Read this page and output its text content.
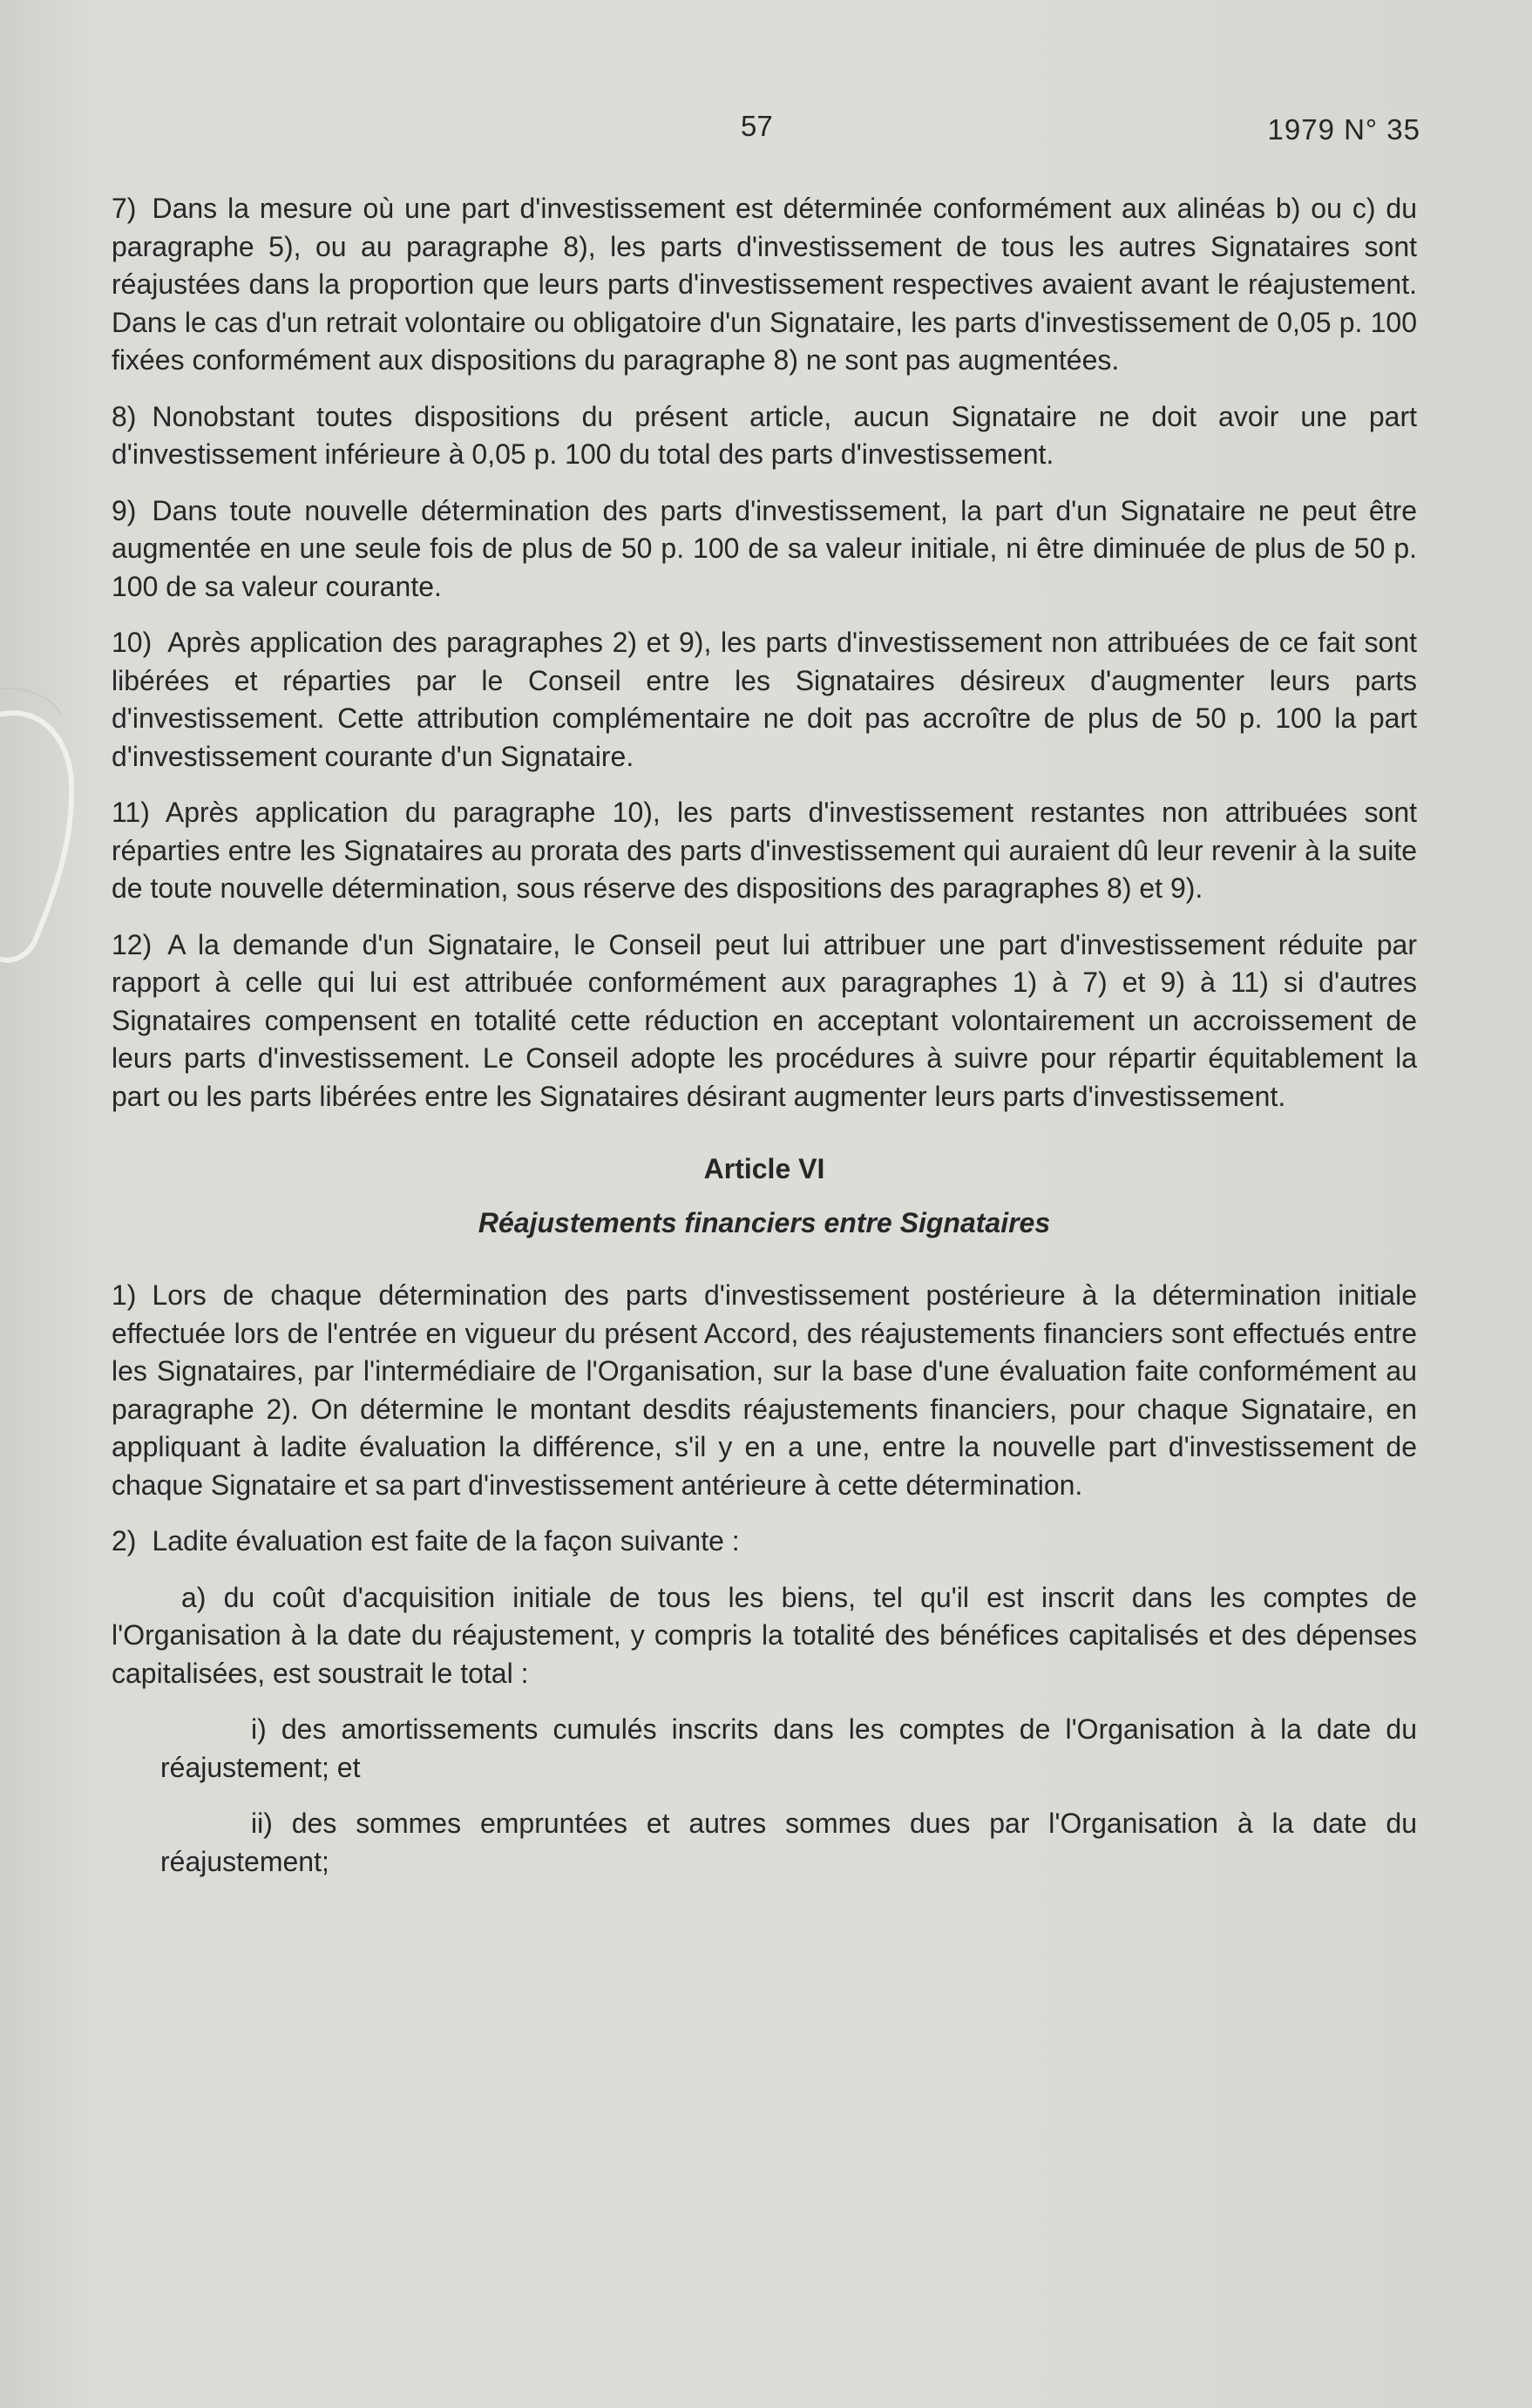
57	1979 N° 35

7) Dans la mesure où une part d'investissement est déterminée conformément aux alinéas b) ou c) du paragraphe 5), ou au paragraphe 8), les parts d'investissement de tous les autres Signataires sont réajustées dans la proportion que leurs parts d'investissement respectives avaient avant le réajustement. Dans le cas d'un retrait volontaire ou obligatoire d'un Signataire, les parts d'investissement de 0,05 p. 100 fixées conformément aux dispositions du paragraphe 8) ne sont pas augmentées.

8) Nonobstant toutes dispositions du présent article, aucun Signataire ne doit avoir une part d'investissement inférieure à 0,05 p. 100 du total des parts d'investissement.

9) Dans toute nouvelle détermination des parts d'investissement, la part d'un Signataire ne peut être augmentée en une seule fois de plus de 50 p. 100 de sa valeur initiale, ni être diminuée de plus de 50 p. 100 de sa valeur courante.

10) Après application des paragraphes 2) et 9), les parts d'investissement non attribuées de ce fait sont libérées et réparties par le Conseil entre les Signataires désireux d'augmenter leurs parts d'investissement. Cette attribution complémentaire ne doit pas accroître de plus de 50 p. 100 la part d'investissement courante d'un Signataire.

11) Après application du paragraphe 10), les parts d'investissement restantes non attribuées sont réparties entre les Signataires au prorata des parts d'investissement qui auraient dû leur revenir à la suite de toute nouvelle détermination, sous réserve des dispositions des paragraphes 8) et 9).

12) A la demande d'un Signataire, le Conseil peut lui attribuer une part d'investissement réduite par rapport à celle qui lui est attribuée conformément aux paragraphes 1) à 7) et 9) à 11) si d'autres Signataires compensent en totalité cette réduction en acceptant volontairement un accroissement de leurs parts d'investissement. Le Conseil adopte les procédures à suivre pour répartir équitablement la part ou les parts libérées entre les Signataires désirant augmenter leurs parts d'investissement.

Article VI
Réajustements financiers entre Signataires

1) Lors de chaque détermination des parts d'investissement postérieure à la détermination initiale effectuée lors de l'entrée en vigueur du présent Accord, des réajustements financiers sont effectués entre les Signataires, par l'intermédiaire de l'Organisation, sur la base d'une évaluation faite conformément au paragraphe 2). On détermine le montant desdits réajustements financiers, pour chaque Signataire, en appliquant à ladite évaluation la différence, s'il y en a une, entre la nouvelle part d'investissement de chaque Signataire et sa part d'investissement antérieure à cette détermination.

2) Ladite évaluation est faite de la façon suivante :

a) du coût d'acquisition initiale de tous les biens, tel qu'il est inscrit dans les comptes de l'Organisation à la date du réajustement, y compris la totalité des bénéfices capitalisés et des dépenses capitalisées, est soustrait le total :

i) des amortissements cumulés inscrits dans les comptes de l'Organisation à la date du réajustement; et

ii) des sommes empruntées et autres sommes dues par l'Organisation à la date du réajustement;
